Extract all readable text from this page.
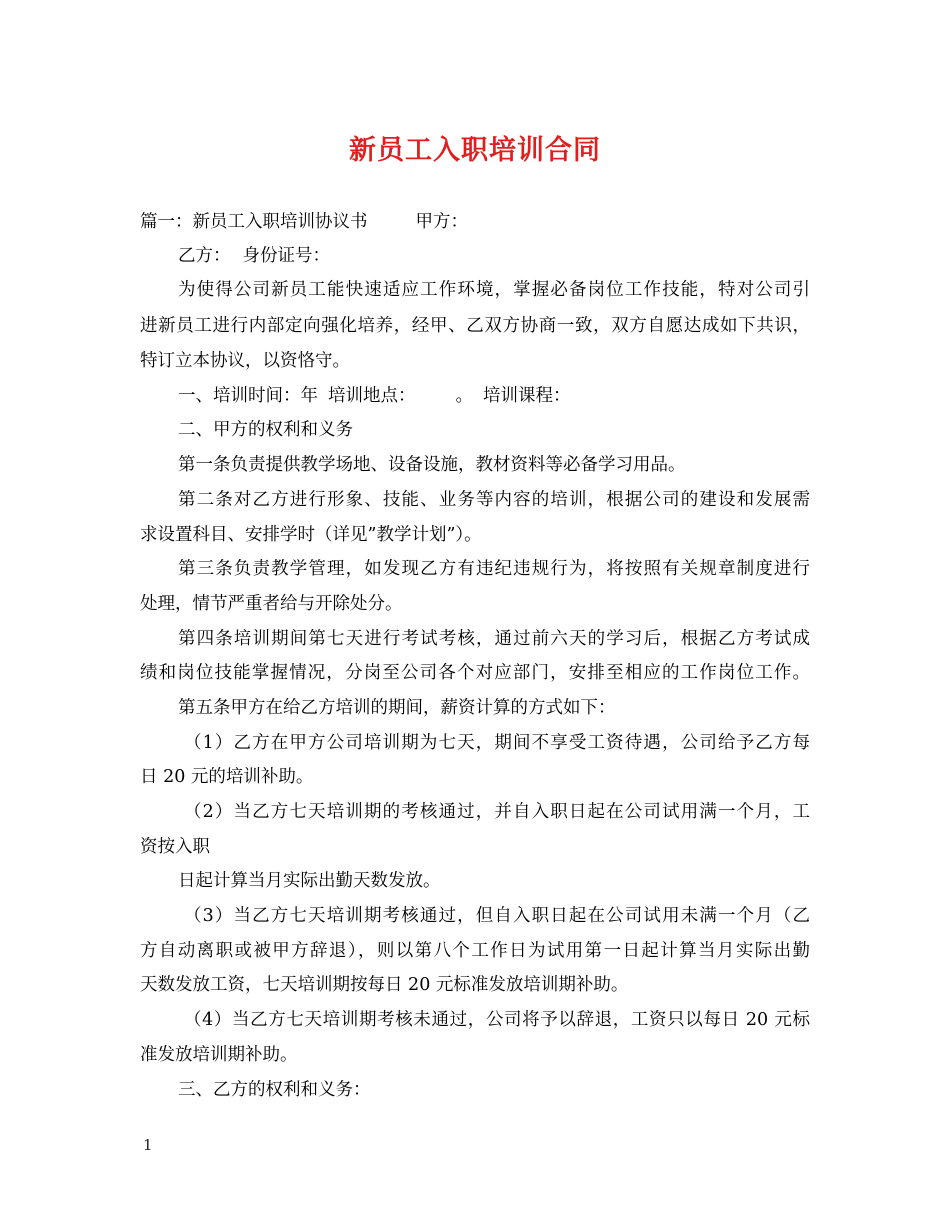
新员工入职培训合同
篇一：新员工入职培训协议书	甲方：
乙方： 身份证号：
为使得公司新员工能快速适应工作环境，掌握必备岗位工作技能，特对公司引
进新员工进行内部定向强化培养，经甲、乙双方协商一致，双方自愿达成如下共识，
特订立本协议，以资恪守。
一、培训时间：年 培训地点： 。 培训课程：
二、甲方的权利和义务
第一条负责提供教学场地、设备设施，教材资料等必备学习用品。
第二条对乙方进行形象、技能、业务等内容的培训，根据公司的建设和发展需
求设置科目、安排学时（详见”教学计划”）。
第三条负责教学管理，如发现乙方有违纪违规行为，将按照有关规章制度进行
处理，情节严重者给与开除处分。
第四条培训期间第七天进行考试考核，通过前六天的学习后，根据乙方考试成
绩和岗位技能掌握情况，分岗至公司各个对应部门，安排至相应的工作岗位工作。
第五条甲方在给乙方培训的期间，薪资计算的方式如下：
（1）乙方在甲方公司培训期为七天，期间不享受工资待遇，公司给予乙方每
日 20 元的培训补助。
（2）当乙方七天培训期的考核通过，并自入职日起在公司试用满一个月，工
资按入职
日起计算当月实际出勤天数发放。
（3）当乙方七天培训期考核通过，但自入职日起在公司试用未满一个月（乙
方自动离职或被甲方辞退），则以第八个工作日为试用第一日起计算当月实际出勤
天数发放工资，七天培训期按每日 20 元标准发放培训期补助。
（4）当乙方七天培训期考核未通过，公司将予以辞退，工资只以每日 20 元标
准发放培训期补助。
三、乙方的权利和义务：
1
